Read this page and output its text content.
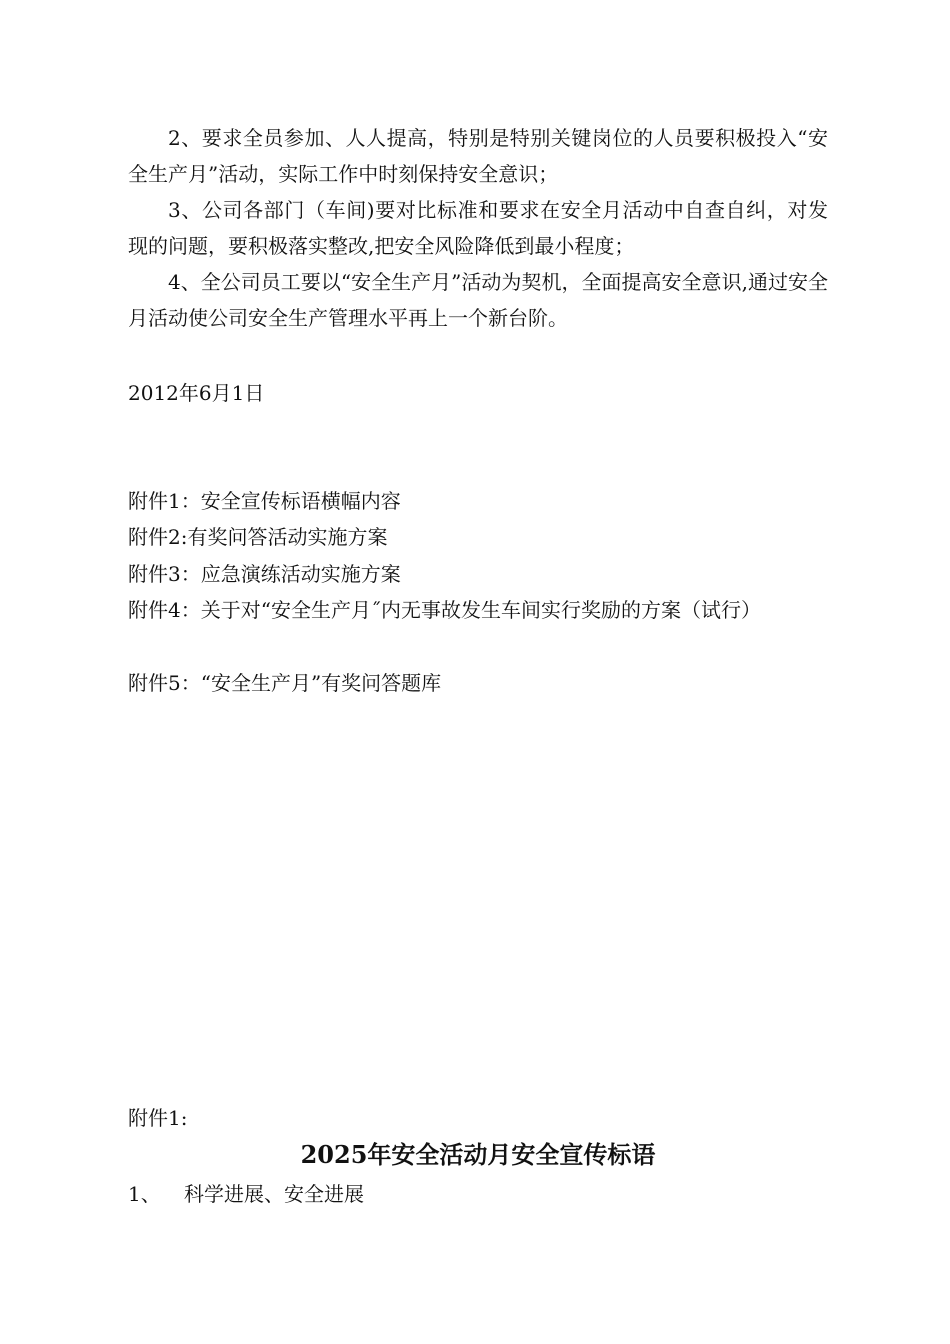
2、要求全员参加、人人提高，特别是特别关键岗位的人员要积极投入“安全生产月”活动，实际工作中时刻保持安全意识；

3、公司各部门（车间)要对比标准和要求在安全月活动中自查自纠，对发现的问题，要积极落实整改,把安全风险降低到最小程度；

4、全公司员工要以“安全生产月”活动为契机，全面提高安全意识,通过安全月活动使公司安全生产管理水平再上一个新台阶。

2012年6月1日

附件1：安全宣传标语横幅内容

附件2:有奖问答活动实施方案

附件3：应急演练活动实施方案

附件4：关于对“安全生产月˝内无事故发生车间实行奖励的方案（试行）

附件5：“安全生产月”有奖问答题库

附件1:

2025年安全活动月安全宣传标语

1、 科学进展、安全进展
